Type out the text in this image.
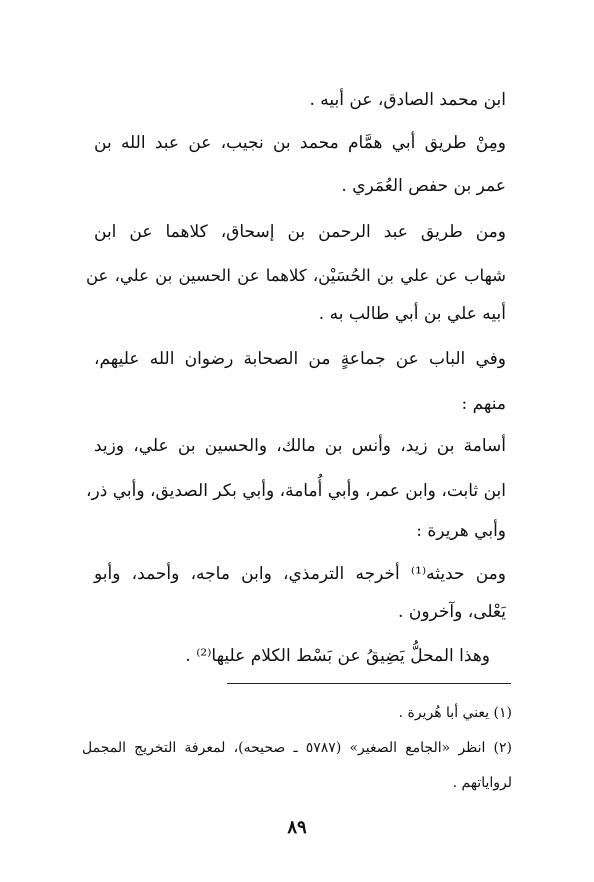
ابن محمد الصادق، عن أبيه .
ومِنْ طريق أبي همَّام محمد بن نجيب، عن عبد الله بن
عمر بن حفص العُمَري .
ومن طريق عبد الرحمن بن إسحاق، كلاهما عن ابن
شهاب عن علي بن الحُسَيْن، كلاهما عن الحسين بن علي، عن
أبيه علي بن أبي طالب به .
وفي الباب عن جماعةٍ من الصحابة رضوان الله عليهم،
منهم :
أسامة بن زيد، وأنس بن مالك، والحسين بن علي، وزيد
ابن ثابت، وابن عمر، وأبي أُمامة، وأبي بكر الصديق، وأبي ذر،
وأبي هريرة :
ومن حديثه⁽¹⁾ أخرجه الترمذي، وابن ماجه، وأحمد، وأبو
يَعْلى، وآخرون .
وهذا المحلُّ يَضِيقُ عن بَسْط الكلام عليها⁽²⁾ .
(١) يعني أبا هُريرة .
(٢) انظر «الجامع الصغير» (٥٧٨٧ ـ صحيحه)، لمعرفة التخريج المجمل
لرواياتهم .
٨٩
